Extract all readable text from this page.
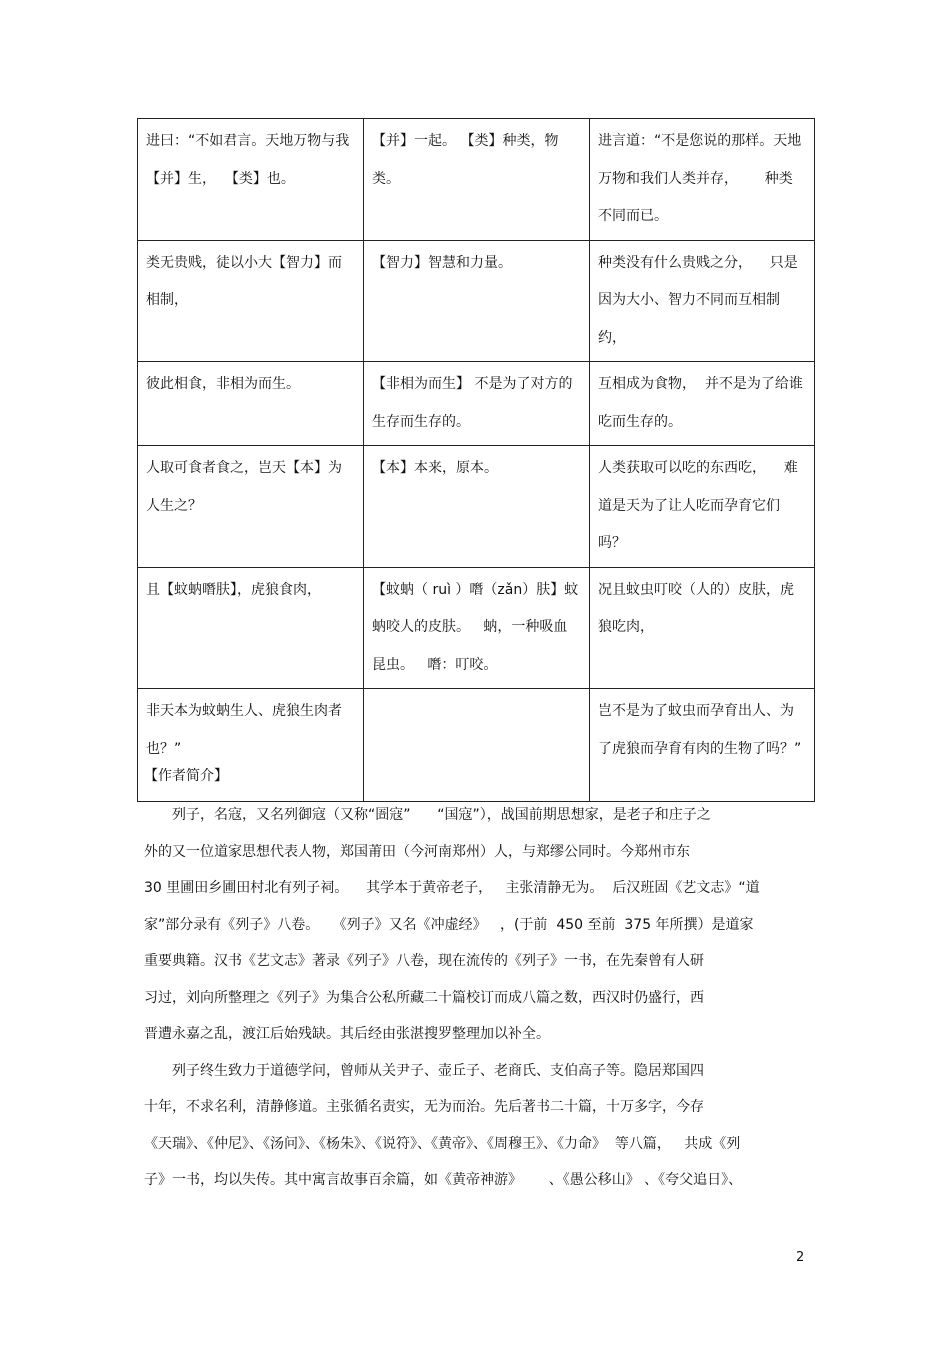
进曰：“不如君言。天地万物与我【并】生，  【类】也。	【并】一起。 【类】种类，物类。	进言道：“不是您说的那样。天地万物和我们人类并存，      种类不同而已。
类无贵贱，徒以小大【智力】而相制，	【智力】智慧和力量。	种类没有什么贵贱之分，    只是因为大小、智力不同而互相制约，
彼此相食，非相为而生。	【非相为而生】 不是为了对方的生存而生存的。	互相成为食物，  并不是为了给谁吃而生存的。
人取可食者食之，岂天【本】为人生之？	【本】本来，原本。	人类获取可以吃的东西吃，    难道是天为了让人吃而孕育它们吗？
且【蚊蚋噆肤】，虎狼食肉，	【蚊蚋（ ruì ）噆（zǎn）肤】蚊蚋咬人的皮肤。   蚋，一种吸血昆虫。   噆：叮咬。	况且蚊虫叮咬（人的）皮肤，虎狼吃肉，
非天本为蚊蚋生人、虎狼生肉者也？”		岂不是为了蚊虫而孕育出人、为了虎狼而孕育有肉的生物了吗？”
【作者简介】
列子，名寇，又名列御寇（又称“圄寇”      “国寇”），战国前期思想家，是老子和庄子之
外的又一位道家思想代表人物，郑国莆田（今河南郑州）人，与郑缪公同时。今郑州市东
30 里圃田乡圃田村北有列子祠。    其学本于黄帝老子，   主张清静无为。  后汉班固《艺文志》“道
家”部分录有《列子》八卷。   《列子》又名《冲虚经》   ，(于前  450 至前  375 年所撰）是道家
重要典籍。汉书《艺文志》著录《列子》八卷，现在流传的《列子》一书，在先秦曾有人研
习过，刘向所整理之《列子》为集合公私所藏二十篇校订而成八篇之数，西汉时仍盛行，西
晋遭永嘉之乱，渡江后始残缺。其后经由张湛搜罗整理加以补全。
列子终生致力于道德学问，曾师从关尹子、壶丘子、老商氏、支伯高子等。隐居郑国四
十年，不求名利，清静修道。主张循名责实，无为而治。先后著书二十篇，十万多字，今存
《天瑞》、《仲尼》、《汤问》、《杨朱》、《说符》、《黄帝》、《周穆王》、《力命》  等八篇，   共成《列
子》一书，均以失传。其中寓言故事百余篇，如《黄帝神游》      、《愚公移山》 、《夸父追日》、
2
